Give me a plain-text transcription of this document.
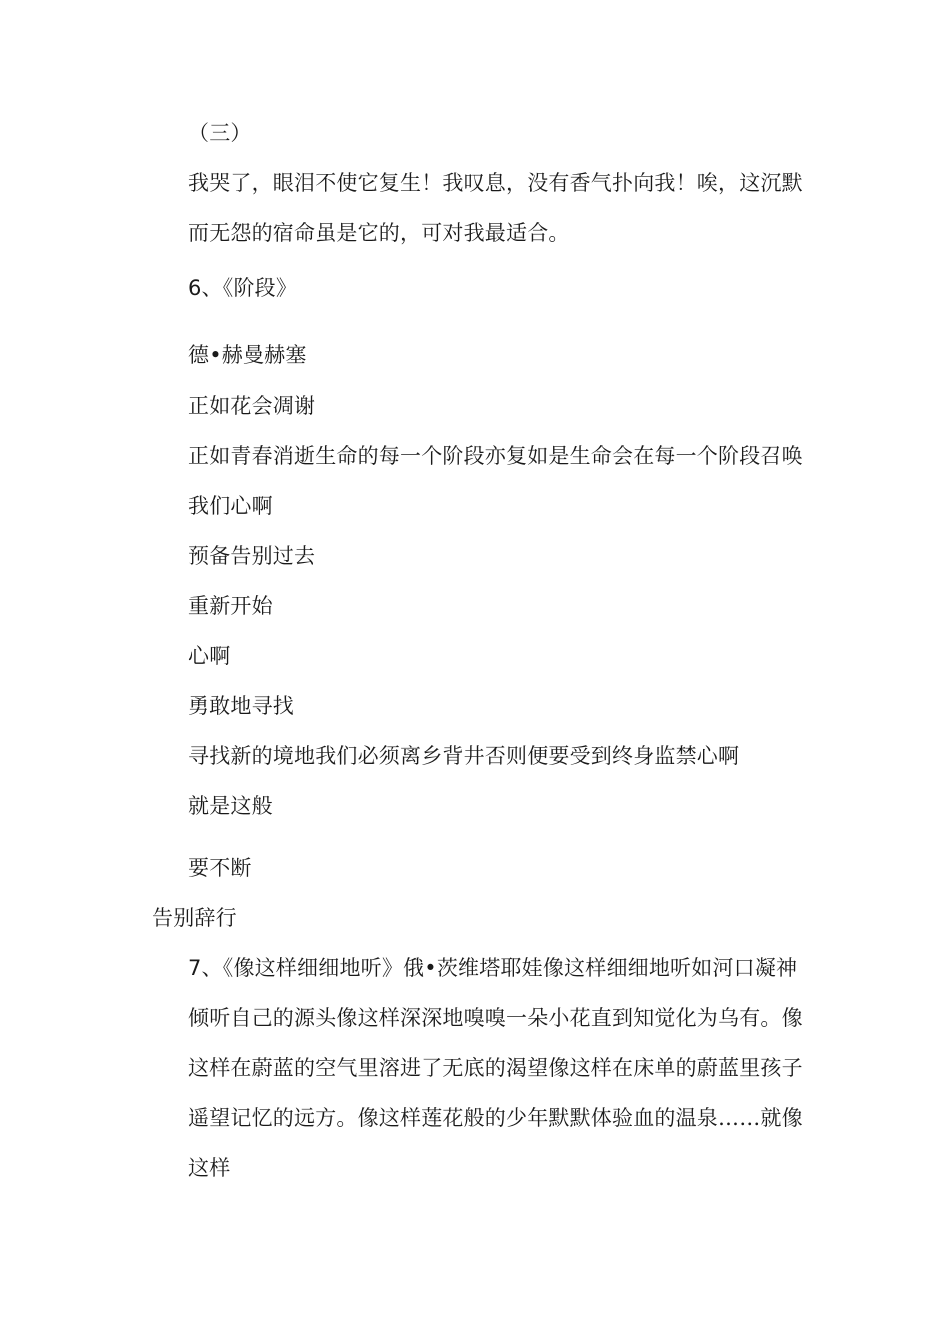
（三）
我哭了，眼泪不使它复生！我叹息，没有香气扑向我！唉，这沉默
而无怨的宿命虽是它的，可对我最适合。
6、《阶段》
德•赫曼赫塞
正如花会凋谢
正如青春消逝生命的每一个阶段亦复如是生命会在每一个阶段召唤
我们心啊
预备告别过去
重新开始
心啊
勇敢地寻找
寻找新的境地我们必须离乡背井否则便要受到终身监禁心啊
就是这般
要不断
告别辞行
7、《像这样细细地听》俄•茨维塔耶娃像这样细细地听如河口凝神
倾听自己的源头像这样深深地嗅嗅一朵小花直到知觉化为乌有。像
这样在蔚蓝的空气里溶进了无底的渴望像这样在床单的蔚蓝里孩子
遥望记忆的远方。像这样莲花般的少年默默体验血的温泉……就像
这样
